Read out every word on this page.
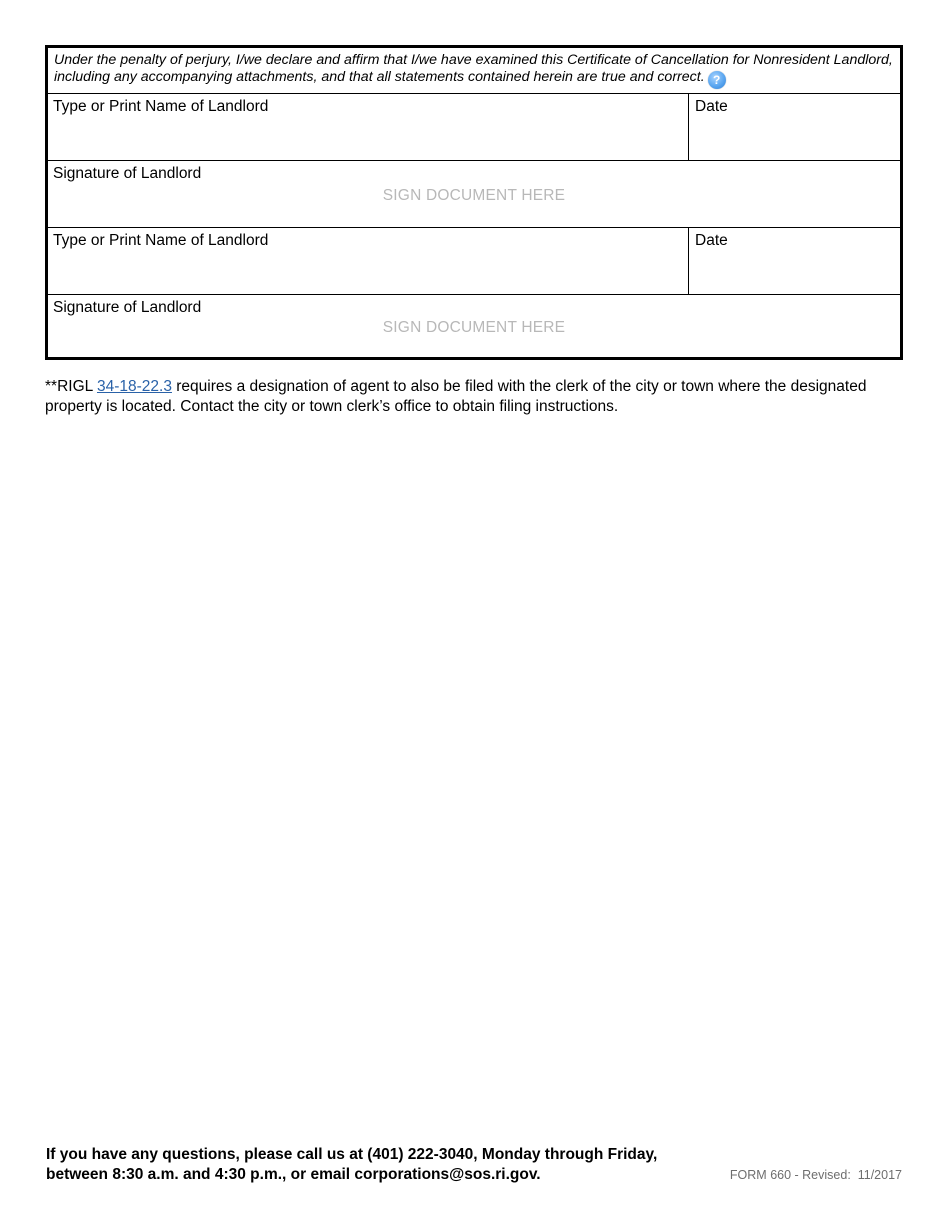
Under the penalty of perjury, I/we declare and affirm that I/we have examined this Certificate of Cancellation for Nonresident Landlord, including any accompanying attachments, and that all statements contained herein are true and correct. ?
Type or Print Name of Landlord	Date
Signature of Landlord
SIGN DOCUMENT HERE
Type or Print Name of Landlord	Date
Signature of Landlord
SIGN DOCUMENT HERE
**RIGL 34-18-22.3 requires a designation of agent to also be filed with the clerk of the city or town where the designated property is located. Contact the city or town clerk’s office to obtain filing instructions.
If you have any questions, please call us at (401) 222-3040, Monday through Friday,
between 8:30 a.m. and 4:30 p.m., or email corporations@sos.ri.gov.	FORM 660 - Revised:  11/2017
